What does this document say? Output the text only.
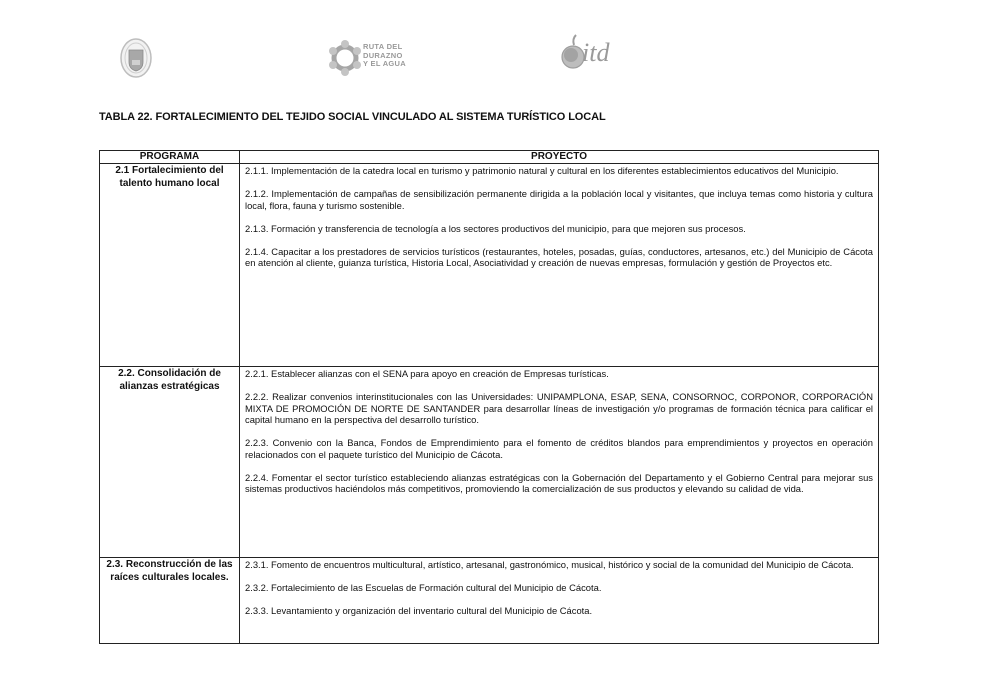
RUTA DEL
DURAZNO
Y EL AGUA	itd
TABLA 22. FORTALECIMIENTO DEL TEJIDO SOCIAL VINCULADO AL SISTEMA TURÍSTICO LOCAL
PROGRAMA	PROYECTO
2.1 Fortalecimiento del talento humano local	2.1.1. Implementación de la catedra local en turismo y patrimonio natural y cultural en los diferentes establecimientos educativos del Municipio.

2.1.2. Implementación de campañas de sensibilización permanente dirigida a la población local y visitantes, que incluya temas como historia y cultura local, flora, fauna y turismo sostenible.

2.1.3. Formación y transferencia de tecnología a los sectores productivos del municipio, para que mejoren sus procesos.

2.1.4. Capacitar a los prestadores de servicios turísticos (restaurantes, hoteles, posadas, guías, conductores, artesanos, etc.) del Municipio de Cácota en atención al cliente, guianza turística, Historia Local, Asociatividad y creación de nuevas empresas, formulación y gestión de Proyectos etc.

2.2. Consolidación de alianzas estratégicas	2.2.1. Establecer alianzas con el SENA para apoyo en creación de Empresas turísticas.

2.2.2. Realizar convenios interinstitucionales con las Universidades: UNIPAMPLONA, ESAP, SENA, CONSORNOC, CORPONOR, CORPORACIÓN MIXTA DE PROMOCIÓN DE NORTE DE SANTANDER para desarrollar líneas de investigación y/o programas de formación técnica para calificar el capital humano en la perspectiva del desarrollo turístico.

2.2.3. Convenio con la Banca, Fondos de Emprendimiento para el fomento de créditos blandos para emprendimientos y proyectos en operación relacionados con el paquete turístico del Municipio de Cácota.

2.2.4. Fomentar el sector turístico estableciendo alianzas estratégicas con la Gobernación del Departamento y el Gobierno Central para mejorar sus sistemas productivos haciéndolos más competitivos, promoviendo la comercialización de sus productos y elevando su calidad de vida.

2.3. Reconstrucción de las raíces culturales locales.	2.3.1. Fomento de encuentros multicultural, artístico, artesanal, gastronómico, musical, histórico y social de la comunidad del Municipio de Cácota.

2.3.2. Fortalecimiento de las Escuelas de Formación cultural del Municipio de Cácota.

2.3.3. Levantamiento y organización del inventario cultural del Municipio de Cácota.
